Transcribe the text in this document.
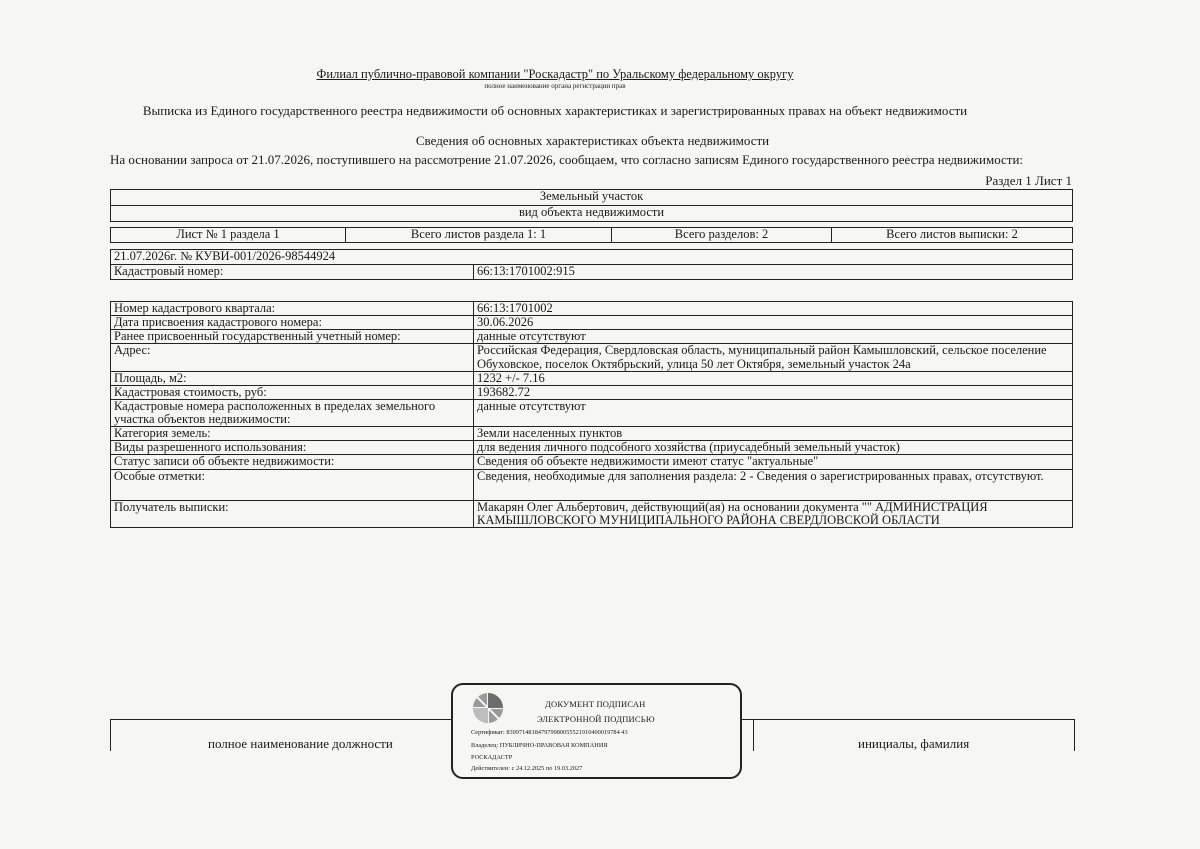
Филиал публично-правовой компании "Роскадастр" по Уральскому федеральному округу
полное наименование органа регистрации прав
Выписка из Единого государственного реестра недвижимости об основных характеристиках и зарегистрированных правах на объект недвижимости
Сведения об основных характеристиках объекта недвижимости
На основании запроса от 21.07.2026, поступившего на рассмотрение 21.07.2026, сообщаем, что согласно записям Единого государственного реестра недвижимости:
Раздел 1 Лист 1
Земельный участок
вид объекта недвижимости
Лист № 1 раздела 1	Всего листов раздела 1: 1	Всего разделов: 2	Всего листов выписки: 2
21.07.2026г. № КУВИ-001/2026-98544924
Кадастровый номер:	66:13:1701002:915
Номер кадастрового квартала:	66:13:1701002
Дата присвоения кадастрового номера:	30.06.2026
Ранее присвоенный государственный учетный номер:	данные отсутствуют
Адрес:	Российская Федерация, Свердловская область, муниципальный район Камышловский, сельское поселение Обуховское, поселок Октябрьский, улица 50 лет Октября, земельный участок 24а
Площадь, м2:	1232 +/- 7.16
Кадастровая стоимость, руб:	193682.72
Кадастровые номера расположенных в пределах земельного участка объектов недвижимости:	данные отсутствуют
Категория земель:	Земли населенных пунктов
Виды разрешенного использования:	для ведения личного подсобного хозяйства (приусадебный земельный участок)
Статус записи об объекте недвижимости:	Сведения об объекте недвижимости имеют статус "актуальные"
Особые отметки:	Сведения, необходимые для заполнения раздела: 2 - Сведения о зарегистрированных правах, отсутствуют.
Получатель выписки:	Макарян Олег Альбертович, действующий(ая) на основании документа "" АДМИНИСТРАЦИЯ КАМЫШЛОВСКОГО МУНИЦИПАЛЬНОГО РАЙОНА СВЕРДЛОВСКОЙ ОБЛАСТИ
полное наименование должности	инициалы, фамилия
ДОКУМЕНТ ПОДПИСАН
ЭЛЕКТРОННОЙ ПОДПИСЬЮ
Сертификат: 839971481847979980055521910400019784 43
Владелец: ПУБЛИЧНО-ПРАВОВАЯ КОМПАНИЯ
РОСКАДАСТР
Действителен: с 24.12.2025 по 19.03.2027
